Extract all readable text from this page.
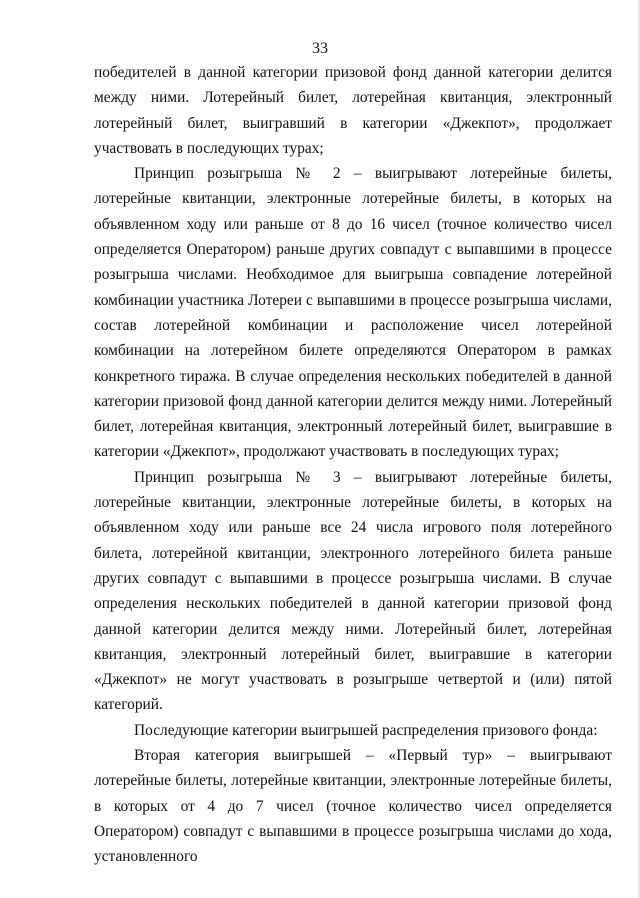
33

победителей в данной категории призовой фонд данной категории делится между ними. Лотерейный билет, лотерейная квитанция, электронный лотерейный билет, выигравший в категории «Джекпот», продолжает участвовать в последующих турах;

Принцип розыгрыша № 2 – выигрывают лотерейные билеты, лотерейные квитанции, электронные лотерейные билеты, в которых на объявленном ходу или раньше от 8 до 16 чисел (точное количество чисел определяется Оператором) раньше других совпадут с выпавшими в процессе розыгрыша числами. Необходимое для выигрыша совпадение лотерейной комбинации участника Лотереи с выпавшими в процессе розыгрыша числами, состав лотерейной комбинации и расположение чисел лотерейной комбинации на лотерейном билете определяются Оператором в рамках конкретного тиража. В случае определения нескольких победителей в данной категории призовой фонд данной категории делится между ними. Лотерейный билет, лотерейная квитанция, электронный лотерейный билет, выигравшие в категории «Джекпот», продолжают участвовать в последующих турах;

Принцип розыгрыша № 3 – выигрывают лотерейные билеты, лотерейные квитанции, электронные лотерейные билеты, в которых на объявленном ходу или раньше все 24 числа игрового поля лотерейного билета, лотерейной квитанции, электронного лотерейного билета раньше других совпадут с выпавшими в процессе розыгрыша числами. В случае определения нескольких победителей в данной категории призовой фонд данной категории делится между ними. Лотерейный билет, лотерейная квитанция, электронный лотерейный билет, выигравшие в категории «Джекпот» не могут участвовать в розыгрыше четвертой и (или) пятой категорий.

Последующие категории выигрышей распределения призового фонда:

Вторая категория выигрышей – «Первый тур» – выигрывают лотерейные билеты, лотерейные квитанции, электронные лотерейные билеты, в которых от 4 до 7 чисел (точное количество чисел определяется Оператором) совпадут с выпавшими в процессе розыгрыша числами до хода, установленного
